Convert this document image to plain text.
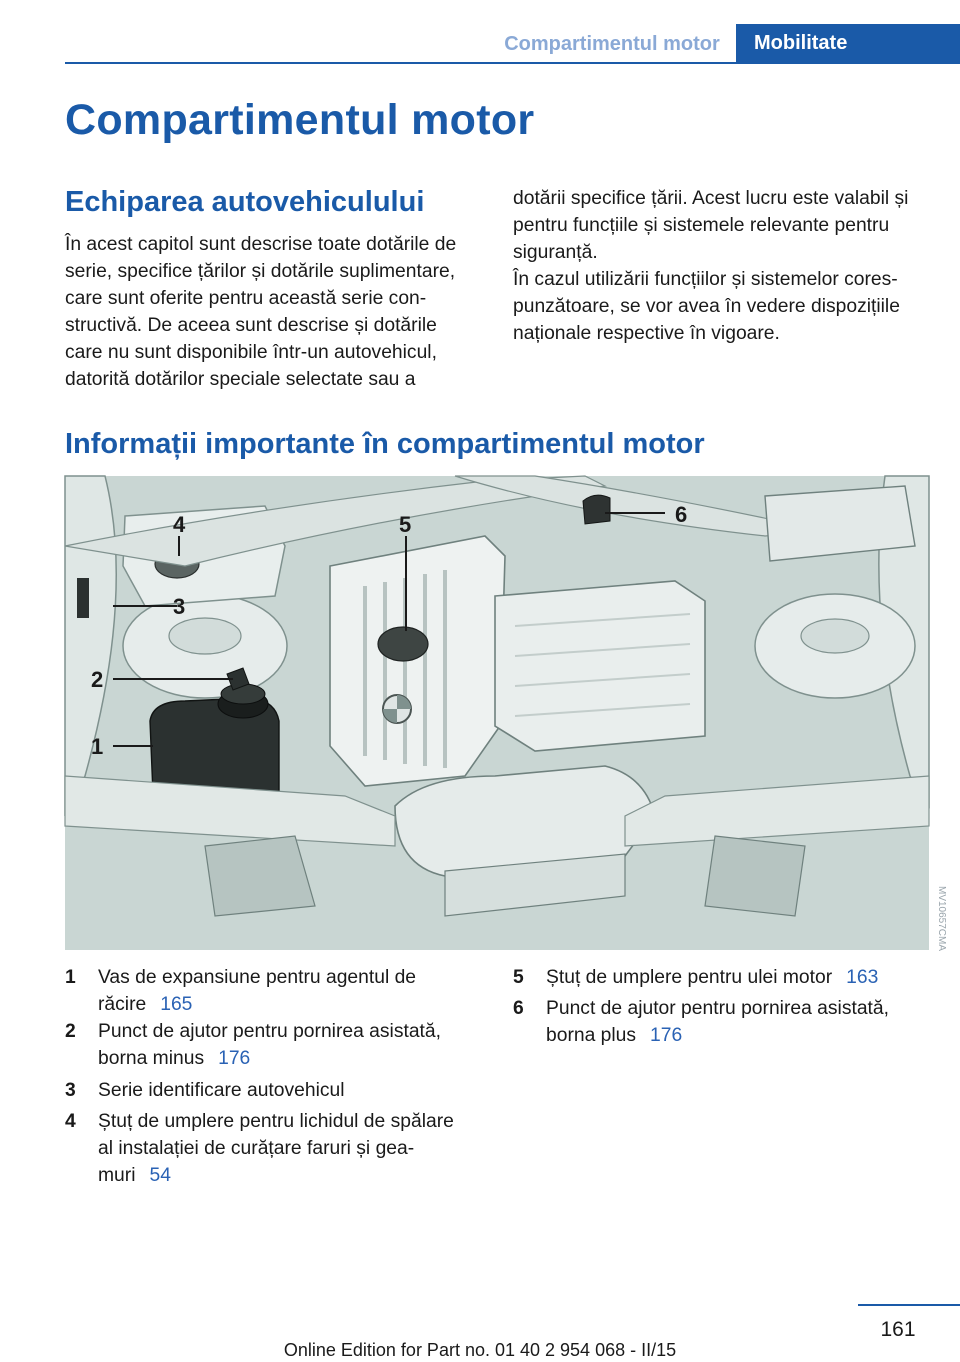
Compartimentul motor	Mobilitate
Compartimentul motor
Echiparea autovehiculului

În acest capitol sunt descrise toate dotările de
serie, specifice țărilor și dotările suplimentare,
care sunt oferite pentru această serie con‐
structivă. De aceea sunt descrise și dotările
care nu sunt disponibile într-un autovehicul,
datorită dotărilor speciale selectate sau a

dotării specifice țării. Acest lucru este valabil și
pentru funcțiile și sistemele relevante pentru
siguranță.

În cazul utilizării funcțiilor și sistemelor cores‐
punzătoare, se vor avea în vedere dispozițiile
naționale respective în vigoare.

Informații importante în compartimentul motor
1
2
3
4	5	6
MV10657CMA
1 Vas de expansiune pentru agentul de
răcire 165
2 Punct de ajutor pentru pornirea asistată,
borna minus 176
3 Serie identificare autovehicul
4 Ștuț de umplere pentru lichidul de spălare
al instalației de curățare faruri și gea‐
muri 54
5 Ștuț de umplere pentru ulei motor 163
6 Punct de ajutor pentru pornirea asistată,
borna plus 176
161
Online Edition for Part no. 01 40 2 954 068 - II/15
